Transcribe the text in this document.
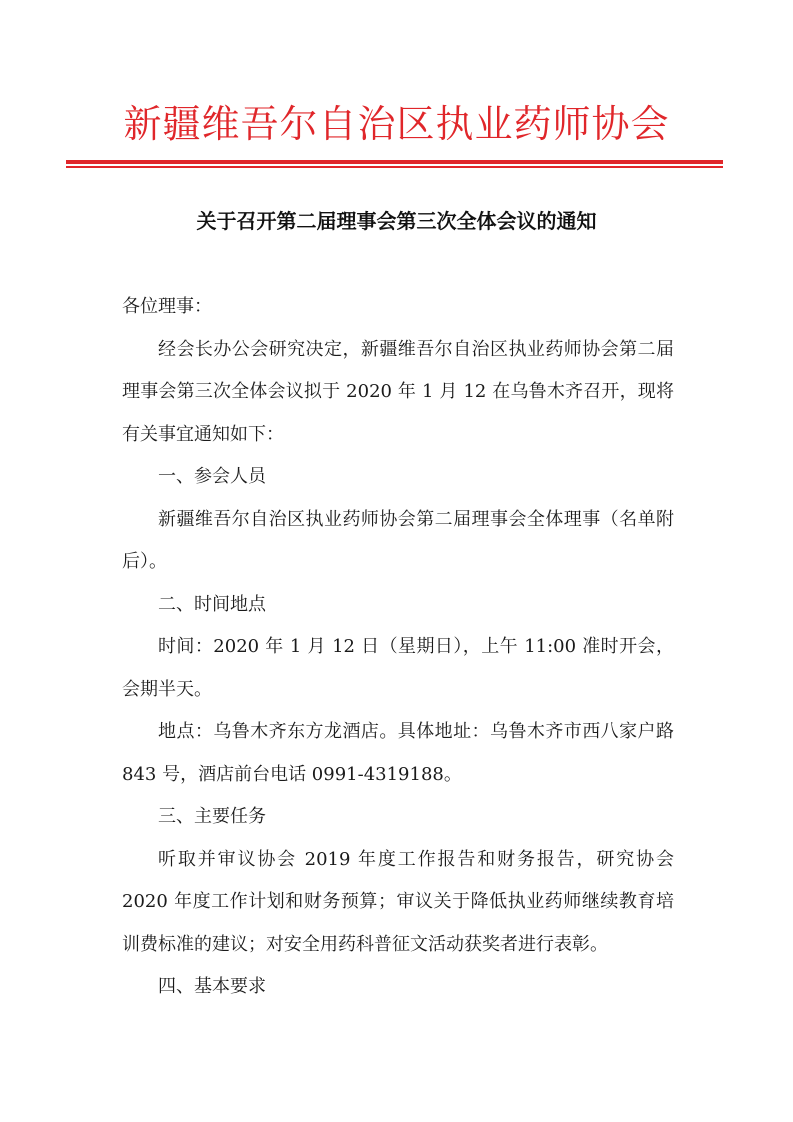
新疆维吾尔自治区执业药师协会
关于召开第二届理事会第三次全体会议的通知

各位理事：

经会长办公会研究决定，新疆维吾尔自治区执业药师协会第二届理事会第三次全体会议拟于 2020 年 1 月 12 在乌鲁木齐召开，现将有关事宜通知如下：

一、参会人员

新疆维吾尔自治区执业药师协会第二届理事会全体理事（名单附后）。

二、时间地点

时间：2020 年 1 月 12 日（星期日），上午 11:00 准时开会，会期半天。

地点：乌鲁木齐东方龙酒店。具体地址：乌鲁木齐市西八家户路 843 号，酒店前台电话 0991-4319188。

三、主要任务

听取并审议协会 2019 年度工作报告和财务报告，研究协会 2020 年度工作计划和财务预算；审议关于降低执业药师继续教育培训费标准的建议；对安全用药科普征文活动获奖者进行表彰。

四、基本要求
